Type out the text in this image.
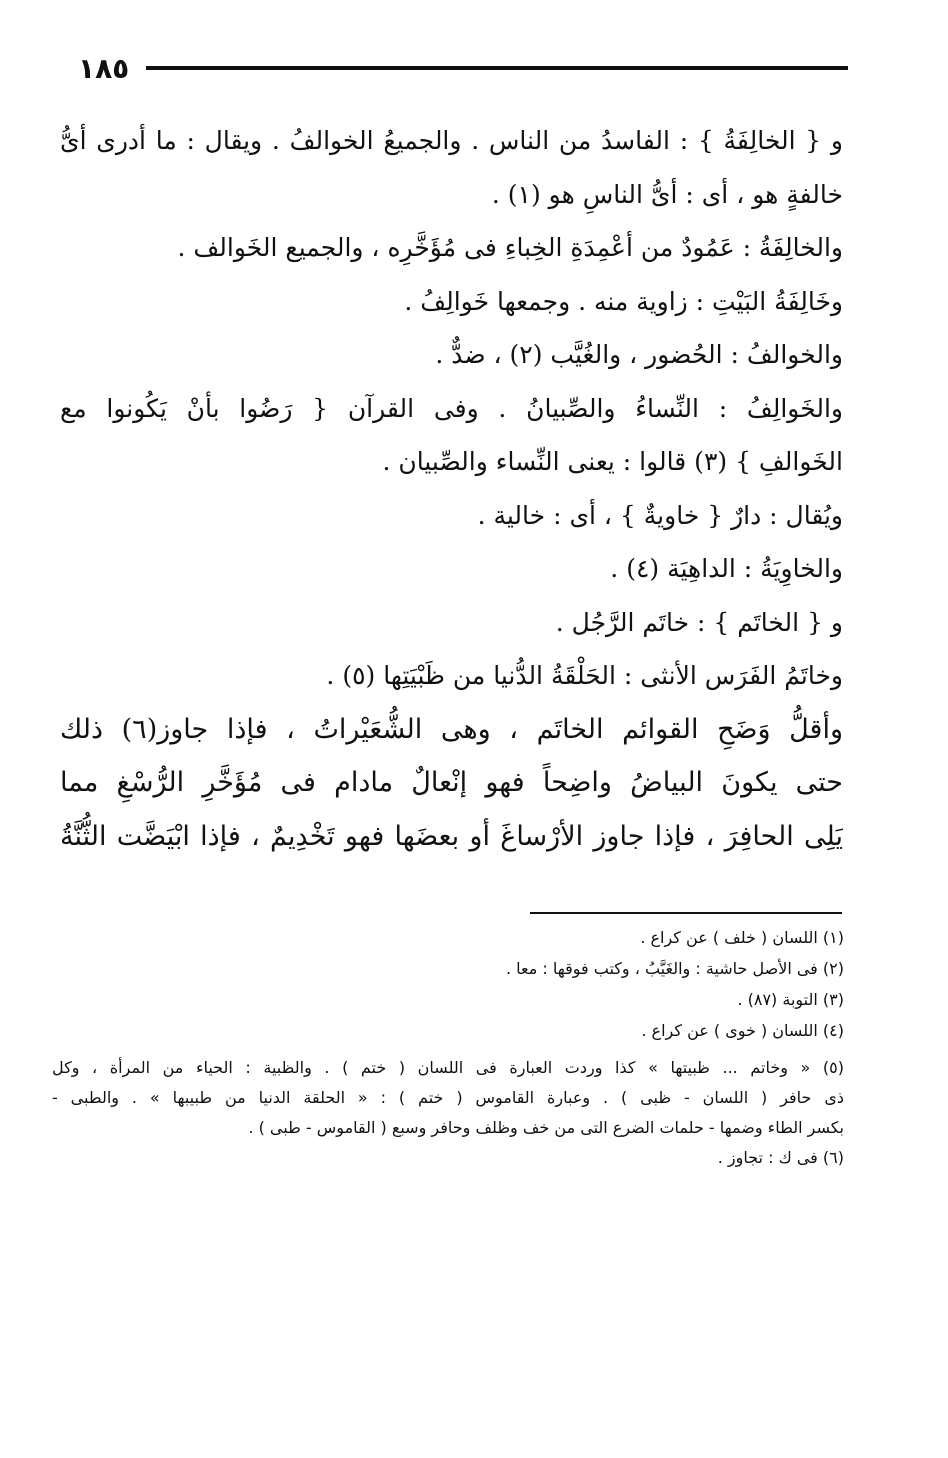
١٨٥
و { الخالِفَةُ } : الفاسدُ من الناس . والجميعُ الخوالفُ . ويقال : ما أدرى أىُّ
خالفةٍ هو ، أى : أىُّ الناسِ هو (١) .
والخالِفَةُ : عَمُودٌ من أعْمِدَةِ الخِباءِ فى مُؤَخَّرِه ، والجميع الخَوالف .
وخَالِفَةُ البَيْتِ : زاوية منه . وجمعها خَوالِفُ .
والخوالفُ : الحُضور ، والغُيَّب (٢) ، ضدٌّ .
والخَوالِفُ : النِّساءُ والصِّبيانُ . وفى القرآن { رَضُوا بأنْ يَكُونوا مع
الخَوالفِ } (٣) قالوا : يعنى النِّساء والصِّبيان .
ويُقال : دارٌ { خاويةٌ } ، أى : خالية .
والخاوِيَةُ : الداهِيَة (٤) .
و { الخاتَم } : خاتَم الرَّجُل .
وخاتَمُ الفَرَس الأنثى : الحَلْقَةُ الدُّنيا من ظَبْيَتِها (٥) .
وأقلُّ وَضَحِ القوائم الخاتَم ، وهى الشُّعَيْراتُ ، فإذا جاوز(٦) ذلك
حتى يكونَ البياضُ واضِحاً فهو إنْعالٌ مادام فى مُؤَخَّرِ الرُّسْغِ مما
يَلِى الحافِرَ ، فإذا جاوز الأرْساغَ أو بعضَها فهو تَخْدِيمٌ ، فإذا ابْيَضَّت الثُّنَّةُ
(١) اللسان ( خلف ) عن كراع .
(٢) فى الأصل حاشية : والغَيَّبُ ، وكتب فوقها : معا .
(٣) التوبة (٨٧) .
(٤) اللسان ( خوى ) عن كراع .
(٥) « وخاتم ... ظبيتها » كذا وردت العبارة فى اللسان ( ختم ) . والظبية : الحياء من المرأة ، وكل
ذى حافر ( اللسان - ظبى ) . وعبارة القاموس ( ختم ) : « الحلقة الدنيا من طبيبها » . والطبى -
بكسر الطاء وضمها - حلمات الضرع التى من خف وظلف وحافر وسبع ( القاموس - طبى ) .
(٦) فى ك : تجاوز .
